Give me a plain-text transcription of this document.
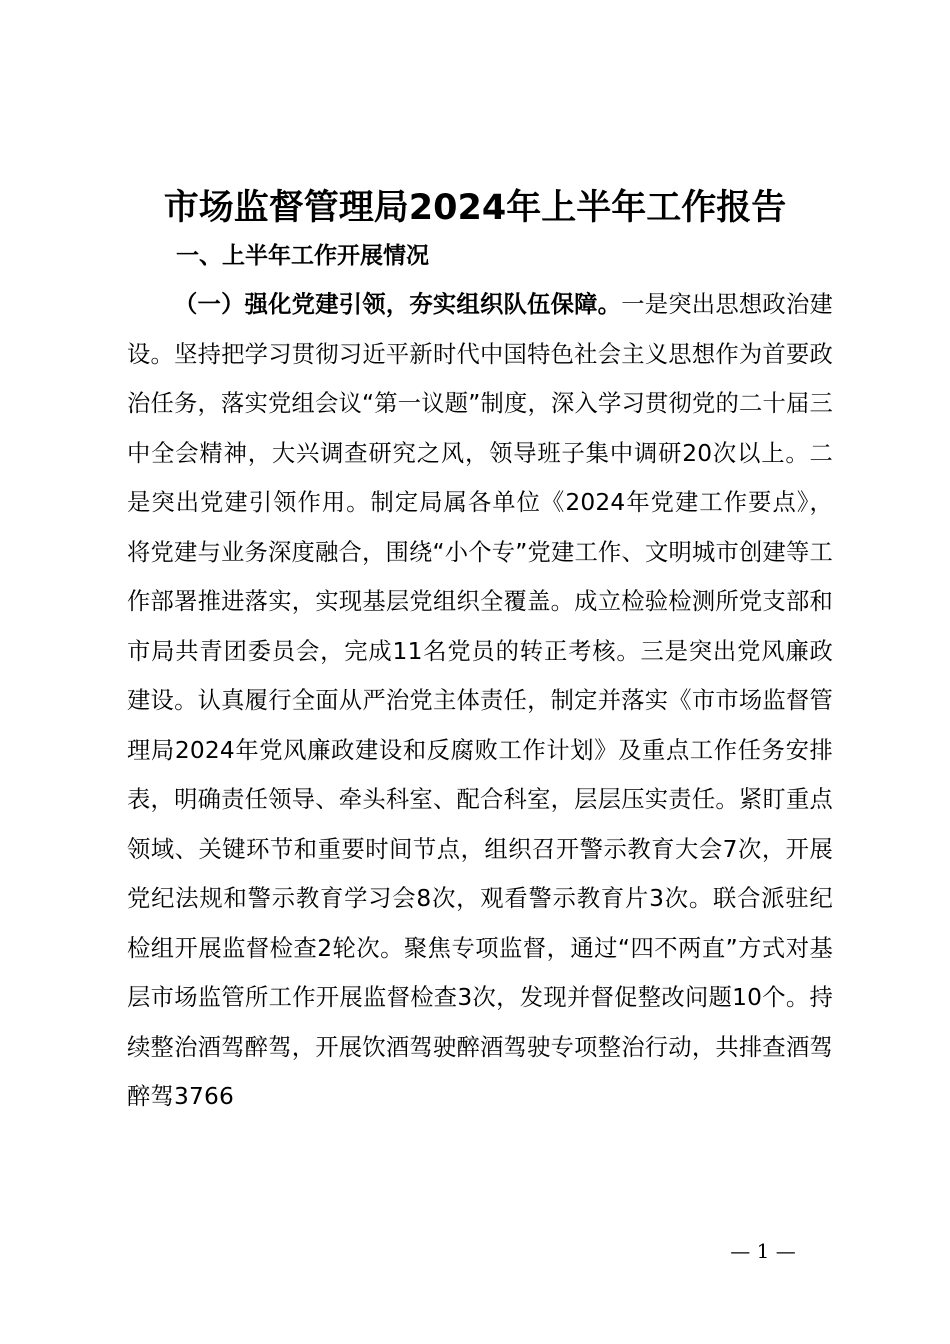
市场监督管理局2024年上半年工作报告
一、上半年工作开展情况

（一）强化党建引领，夯实组织队伍保障。一是突出思想政治建设。坚持把学习贯彻习近平新时代中国特色社会主义思想作为首要政治任务，落实党组会议“第一议题”制度，深入学习贯彻党的二十届三中全会精神，大兴调查研究之风，领导班子集中调研20次以上。二是突出党建引领作用。制定局属各单位《2024年党建工作要点》，将党建与业务深度融合，围绕“小个专”党建工作、文明城市创建等工作部署推进落实，实现基层党组织全覆盖。成立检验检测所党支部和市局共青团委员会，完成11名党员的转正考核。三是突出党风廉政建设。认真履行全面从严治党主体责任，制定并落实《市市场监督管理局2024年党风廉政建设和反腐败工作计划》及重点工作任务安排表，明确责任领导、牵头科室、配合科室，层层压实责任。紧盯重点领域、关键环节和重要时间节点，组织召开警示教育大会7次，开展党纪法规和警示教育学习会8次，观看警示教育片3次。联合派驻纪检组开展监督检查2轮次。聚焦专项监督，通过“四不两直”方式对基层市场监管所工作开展监督检查3次，发现并督促整改问题10个。持续整治酒驾醉驾，开展饮酒驾驶醉酒驾驶专项整治行动，共排查酒驾醉驾3766

— 1 —
